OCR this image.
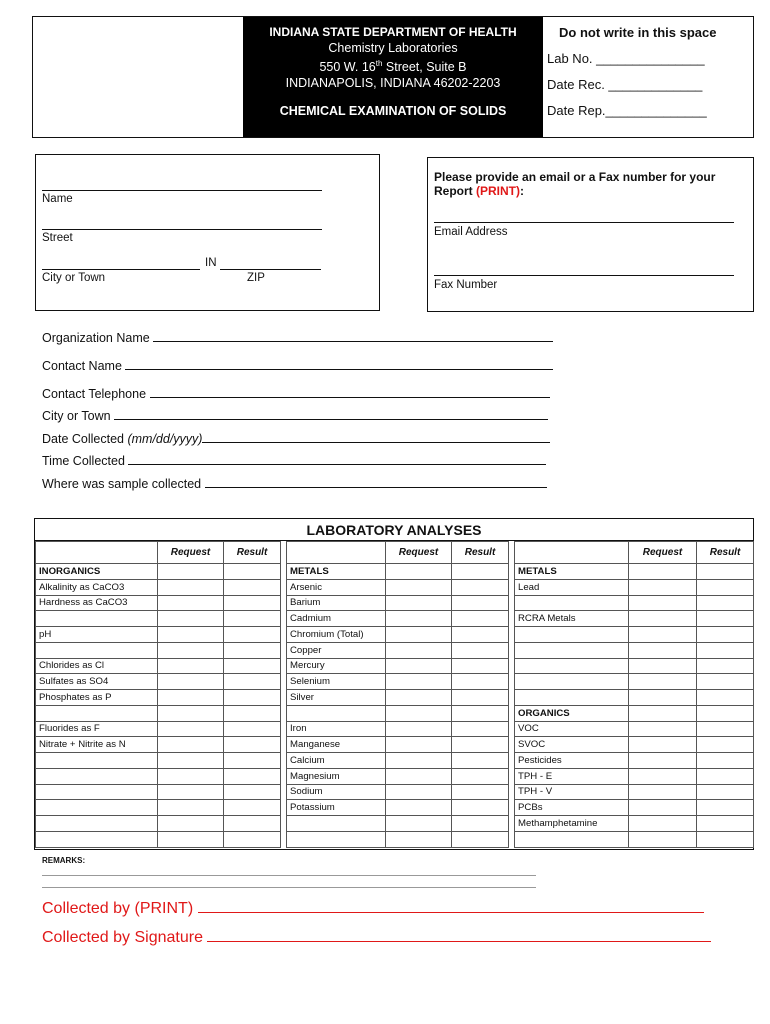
INDIANA STATE DEPARTMENT OF HEALTH
Chemistry Laboratories
550 W. 16th Street, Suite B
INDIANAPOLIS, INDIANA 46202-2203
CHEMICAL EXAMINATION OF SOLIDS
Do not write in this space
Lab No. _______________
Date Rec. _____________
Date Rep.______________
Name
Street
IN
City or Town	ZIP
Please provide an email or a Fax number for your Report (PRINT):
Email Address
Fax Number
Organization Name
Contact Name
Contact Telephone
City or Town
Date Collected (mm/dd/yyyy)
Time Collected
Where was sample collected
LABORATORY ANALYSES
	Request	Result			Request	Result			Request	Result
INORGANICS				METALS				METALS		
Alkalinity as CaCO3				Arsenic				Lead		
Hardness as CaCO3				Barium						
				Cadmium				RCRA Metals		
pH				Chromium (Total)						
				Copper						
Chlorides as Cl				Mercury						
Sulfates as SO4				Selenium						
Phosphates as P				Silver						
								ORGANICS		
Fluorides as F				Iron				VOC		
Nitrate + Nitrite as N				Manganese				SVOC		
				Calcium				Pesticides		
				Magnesium				TPH - E		
				Sodium				TPH - V		
				Potassium				PCBs		
								Methamphetamine		

REMARKS:
Collected by (PRINT)
Collected by Signature
